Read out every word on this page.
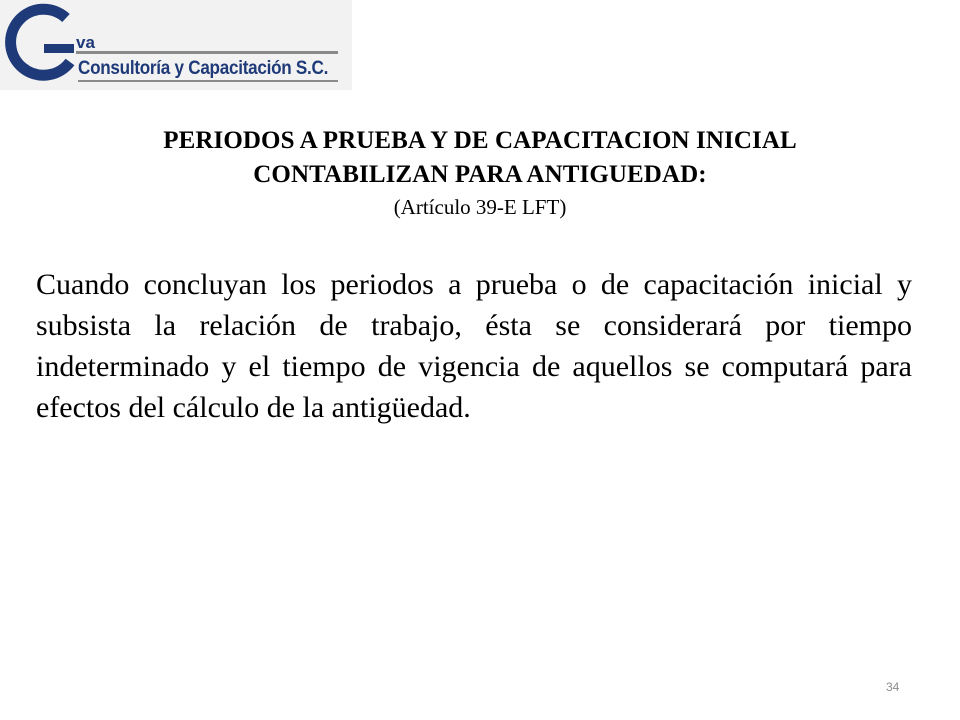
va
Consultoría y Capacitación S.C.
PERIODOS A PRUEBA Y DE CAPACITACION INICIAL
CONTABILIZAN PARA ANTIGUEDAD:
(Artículo 39-E LFT)
Cuando concluyan los periodos a prueba o de capacitación inicial y subsista la relación de trabajo, ésta se considerará por tiempo indeterminado y el tiempo de vigencia de aquellos se computará para efectos del cálculo de la antigüedad.
34
